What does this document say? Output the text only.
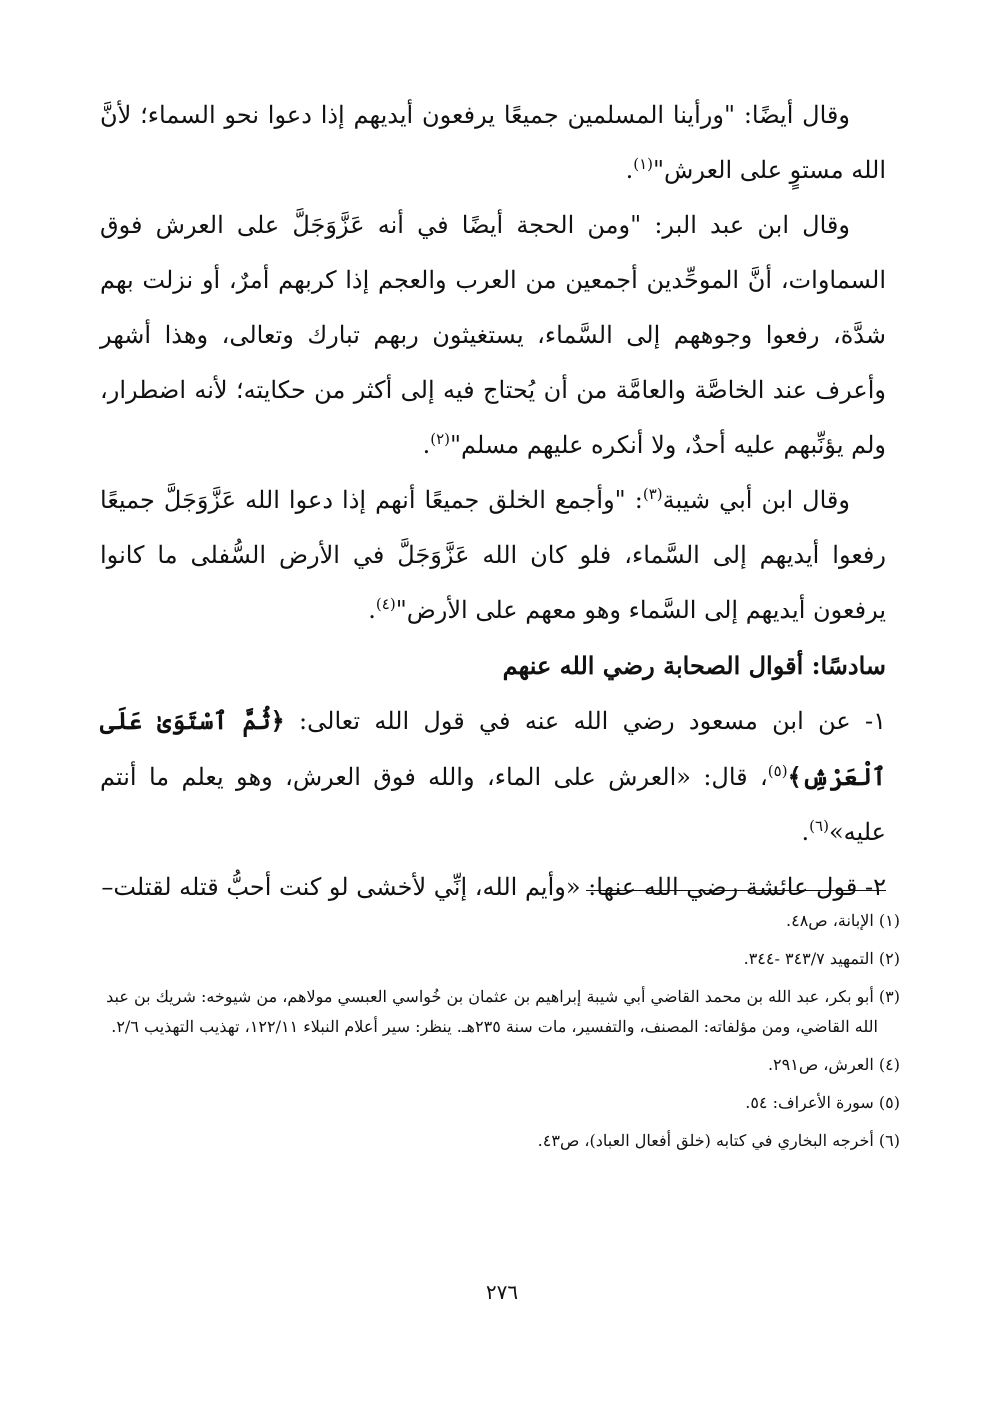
وقال أيضًا: "ورأينا المسلمين جميعًا يرفعون أيديهم إذا دعوا نحو السماء؛ لأنَّ الله مستوٍ على العرش"$^{(١)}$.

وقال ابن عبد البر: "ومن الحجة أيضًا في أنه عَزَّوَجَلَّ على العرش فوق السماوات، أنَّ الموحِّدين أجمعين من العرب والعجم إذا كربهم أمرٌ، أو نزلت بهم شدَّة، رفعوا وجوههم إلى السَّماء، يستغيثون ربهم تبارك وتعالى، وهذا أشهر وأعرف عند الخاصَّة والعامَّة من أن يُحتاج فيه إلى أكثر من حكايته؛ لأنه اضطرار، ولم يؤنِّبهم عليه أحدٌ، ولا أنكره عليهم مسلم"$^{(٢)}$.

وقال ابن أبي شيبة$^{(٣)}$: "وأجمع الخلق جميعًا أنهم إذا دعوا الله عَزَّوَجَلَّ جميعًا رفعوا أيديهم إلى السَّماء، فلو كان الله عَزَّوَجَلَّ في الأرض السُّفلى ما كانوا يرفعون أيديهم إلى السَّماء وهو معهم على الأرض"$^{(٤)}$.

سادسًا: أقوال الصحابة رضي الله عنهم

١- عن ابن مسعود رضي الله عنه في قول الله تعالى: ﴿ثُمَّ ٱسْتَوَىٰ عَلَى ٱلْعَرْشِ﴾$^{(٥)}$، قال: «العرش على الماء، والله فوق العرش، وهو يعلم ما أنتم عليه»$^{(٦)}$.

٢- قول عائشة رضي الله عنها: «وأيم الله، إنِّي لأخشى لو كنت أحبُّ قتله لقتلت–

(١) الإبانة، ص٤٨.
(٢) التمهيد ٣٤٣/٧ -٣٤٤.
(٣) أبو بكر، عبد الله بن محمد القاضي أبي شيبة إبراهيم بن عثمان بن خُواسي العبسي مولاهم، من شيوخه: شريك بن عبد الله القاضي، ومن مؤلفاته: المصنف، والتفسير، مات سنة ٢٣٥هـ. ينظر: سير أعلام النبلاء ١٢٢/١١، تهذيب التهذيب ٢/٦.
(٤) العرش، ص٢٩١.
(٥) سورة الأعراف: ٥٤.
(٦) أخرجه البخاري في كتابه (خلق أفعال العباد)، ص٤٣.
٢٧٦
